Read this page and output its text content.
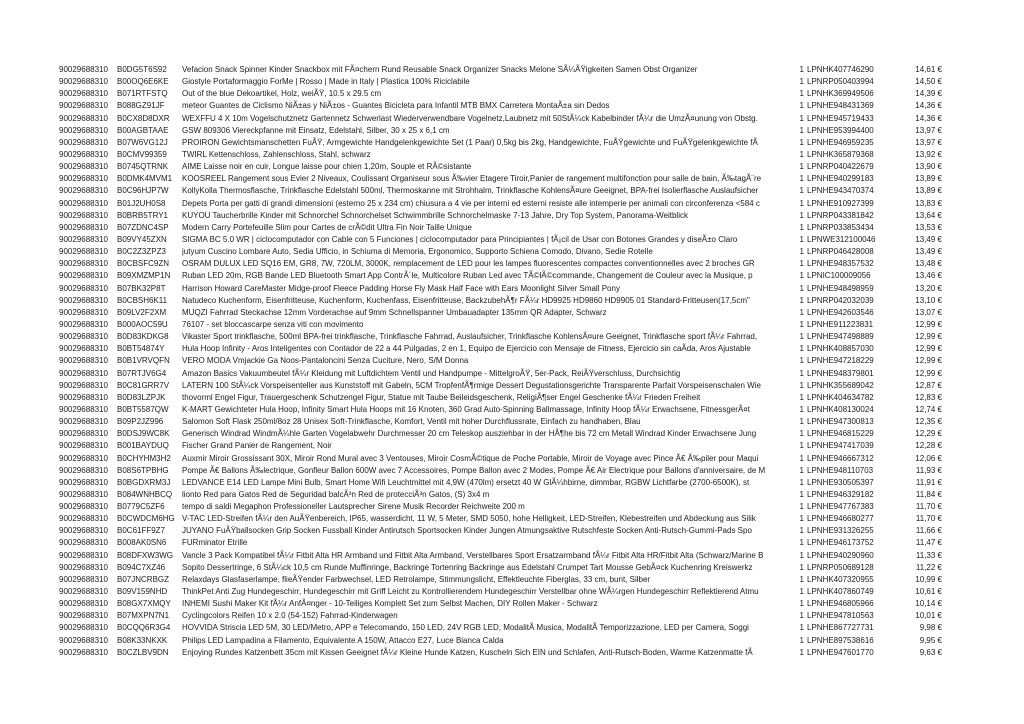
90029688310	B0DG5T6S92	Vefacion Snack Spinner Kinder Snackbox mit FÃ¤chern Rund Reusable Snack Organizer Snacks Melone SÃ¼ÃŸigkeiten Samen Obst Organizer	1 LPNHK407746290	14,61 €
90029688310	B00OQ6E6KE	Giostyle Portaformaggio ForMe | Rosso | Made in Italy | Plastica 100% Riciclabile	1 LPNRP050403994	14,50 €
90029688310	B071RTFSTQ	Out of the blue Dekoartikel, Holz, weiÃŸ, 10.5 x 29.5 cm	1 LPNHK369949506	14,39 €
90029688310	B088GZ91JF	meteor Guantes de Ciclismo NiÃ±as y NiÃ±os - Guantes Bicicleta para Infantil MTB BMX Carretera MontaÃ±a sin Dedos	1 LPNHE948431369	14,36 €
90029688310	B0CX8D8DXR	WEXFFU 4 X 10m Vogelschutznetz Gartennetz Schwerlast Wiederverwendbare Vogelnetz,Laubnetz mit 50StÃ¼ck Kabelbinder fÃ¼r die UmzÃ¤unung von Obstg.	1 LPNHE945719433	14,36 €
90029688310	B00AGBTAAE	GSW 809306 Viereckpfanne mit Einsatz, Edelstahl, Silber, 30 x 25 x 6,1 cm	1 LPNHE953994400	13,97 €
90029688310	B07W6VG12J	PROIRON Gewichtsmanschetten FuÃŸ, Armgewichte Handgelenkgewichte Set (1 Paar) 0,5kg bis 2kg, Handgewichte, FuÃŸgewichte und FuÃŸgelenkgewichte fÃ	1 LPNHE946959235	13,97 €
90029688310	B0CMV99359	TWIRL Kettenschloss, Zahlenschloss, Stahl, schwarz	1 LPNHK365879368	13,92 €
90029688310	B0745QTRNK	AIME Laisse noir en cuir, Longue laisse pour chien 1,20m, Souple et RÃ©sistante	1 LPNRP040422679	13,90 €
90029688310	B0DMK4MVM1	KOOSREEL Rangement sous Evier 2 Niveaux, Coulissant Organiseur sous Ã‰vier Etagere Tiroir,Panier de rangement multifonction pour salle de bain, Ã‰tagÃ¨re	1 LPNHE940299183	13,89 €
90029688310	B0C96HJP7W	KollyKolla Thermosflasche, Trinkflasche Edelstahl 500ml, Thermoskanne mit Strohhalm, Trinkflasche KohlensÃ¤ure Geeignet, BPA-frei Isolierflasche Auslaufsicher	1 LPNHE943470374	13,89 €
90029688310	B01J2UH0S8	Depets Porta per gatti di grandi dimensioni (esterno 25 x 234 cm) chiusura a 4 vie per interni ed esterni resiste alle intemperie per animali con circonferenza <584 c	1 LPNHE910927399	13,83 €
90029688310	B0BRB5TRY1	KUYOU Taucherbrille Kinder mit Schnorchel Schnorchelset Schwimmbrille Schnorchelmaske 7-13 Jahre, Dry Top System, Panorama-Weitblick	1 LPNRP043381842	13,64 €
90029688310	B07ZDNC4SP	Modern Carry Portefeuille Slim pour Cartes de crÃ©dit Ultra Fin Noir Taille Unique	1 LPNRP033853434	13,53 €
90029688310	B09VY45ZXN	SIGMA BC 5.0 WR | ciclocomputador con Cable con 5 Funciones | ciclocomputador para Principiantes | fÃ¡cil de Usar con Botones Grandes y diseÃ±o Claro	1 LPNWE312100046	13,49 €
90029688310	B0C2Z3ZPZ3	jutyum Cuscino Lombare Auto, Sedia Ufficio, in Schiuma di Memoria, Ergonomico, Supporto Schiena Comodo, Divano, Sedie Rotelle	1 LPNRP046428008	13,49 €
90029688310	B0CBSFC9ZN	OSRAM DULUX LED SQ16 EM, GR8, 7W, 720LM, 3000K, remplacement de LED pour les lampes fluorescentes compactes conventionnelles avec 2 broches GR	1 LPNHE948357532	13,48 €
90029688310	B09XMZMP1N	Ruban LED 20m, RGB Bande LED Bluetooth Smart App ContrÃ´le, Multicolore Ruban Led avec TÃ©lÃ©commande, Changement de Couleur avec la Musique, p	1 LPNIC100009056	13,46 €
90029688310	B07BK32P8T	Harrison Howard CareMaster Midge-proof Fleece Padding Horse Fly Mask Half Face with Ears Moonlight Silver Small Pony	1 LPNHE948498959	13,20 €
90029688310	B0CBSH6K11	Natudeco Kuchenform, Eisenfritteuse, Kuchenform, Kuchenfass, Eisenfritteuse, BackzubehÃ¶r FÃ¼r HD9925 HD9860 HD9905 01 Standard-Fritteusen(17,5cm"	1 LPNRP042032039	13,10 €
90029688310	B09LV2F2XM	MUQZI Fahrrad Steckachse 12mm Vorderachse auf 9mm Schnellspanner Umbauadapter 135mm QR Adapter, Schwarz	1 LPNHE942603546	13,07 €
90029688310	B000AOC59U	76107 - set bloccascarpe senza viti con movimento	1 LPNHE911223831	12,99 €
90029688310	B0D83KDKG8	Vikaster Sport trinkflasche, 500ml BPA-frei trinkflasche, Trinkflasche Fahrrad, Auslaufsicher, Trinkflasche KohlensÃ¤ure Geeignet, Trinkflasche sport fÃ¼r Fahrrad,	1 LPNHE947498889	12,99 €
90029688310	B0BT54874Y	Hula Hoop Infinity - Aros Inteligentes con Contador de 22 a 44 Pulgadas, 2 en 1, Equipo de Ejercicio con Mensaje de Fitness, Ejercicio sin caÃda, Aros Ajustable	1 LPNHK408857030	12,99 €
90029688310	B0B1VRVQFN	VERO MODA Vmjackie Ga Noos-Pantaloncini Senza Cuciture, Nero, S/M Donna	1 LPNHE947218229	12,99 €
90029688310	B07RTJV6G4	Amazon Basics Vakuumbeutel fÃ¼r Kleidung mit Luftdichtem Ventil und Handpumpe - MittelgroÃŸ, 5er-Pack, ReiÃŸverschluss, Durchsichtig	1 LPNHE948379801	12,99 €
90029688310	B0C81GRR7V	LATERN 100 StÃ¼ck Vorspeisenteller aus Kunststoff mit Gabeln, 5CM TropfenfÃ¶rmige Dessert Degustationsgerichte Transparente Parfait Vorspeisenschalen Wie	1 LPNHK355689042	12,87 €
90029688310	B0D83LZPJK	thovorml Engel Figur, Trauergeschenk Schutzengel Figur, Statue mit Taube Beileidsgeschenk, ReligiÃ¶ser Engel Geschenke fÃ¼r Frieden Freiheit	1 LPNHK404634782	12,83 €
90029688310	B0BT5587QW	K-MART Gewichteter Hula Hoop, Infinity Smart Hula Hoops mit 16 Knoten, 360 Grad Auto-Spinning Ballmassage, Infinity Hoop fÃ¼r Erwachsene, FitnessgerÃ¤t	1 LPNHK408130024	12,74 €
90029688310	B09P2JZ996	Salomon Soft Flask 250ml/8oz 28 Unisex Soft-Trinkflasche, Komfort, Ventil mit hoher Durchflussrate, Einfach zu handhaben, Blau	1 LPNHE947300813	12,35 €
90029688310	B0DSJ9WC8K	Generisch Windrad WindmÃ¼hle Garten Vogelabwehr Durchmesser 20 cm Teleskop ausziehbar in der HÃ¶he bis 72 cm Metall Windrad Kinder Erwachsene Jung	1 LPNHE946815229	12,29 €
90029688310	B001BAYDUQ	Fischer Grand Panier de Rangement, Noir	1 LPNHE947417039	12,28 €
90029688310	B0CHYHM3H2	Auxmir Miroir Grossissant 30X, Miroir Rond Mural avec 3 Ventouses, Miroir CosmÃ©tique de Poche Portable, Miroir de Voyage avec Pince Ã€ Ã‰piler pour Maqui	1 LPNHE946667312	12,06 €
90029688310	B08S6TPBHG	Pompe Ã€ Ballons Ã‰lectrique, Gonfleur Ballon 600W avec 7 Accessoires, Pompe Ballon avec 2 Modes, Pompe Ã€ Air Electrique pour Ballons d'anniversaire, de M	1 LPNHE948110703	11,93 €
90029688310	B0BGDXRM3J	LEDVANCE E14 LED Lampe Mini Bulb, Smart Home Wifi Leuchtmittel mit 4,9W (470lm) ersetzt 40 W GlÃ¼hbirne, dimmbar, RGBW Lichtfarbe (2700-6500K), st	1 LPNHE930505397	11,91 €
90029688310	B084WNHBCQ	lionto Red para Gatos Red de Seguridad balcÃ³n Red de protecciÃ³n Gatos, (S) 3x4 m	1 LPNHE946329182	11,84 €
90029688310	B0779C5ZF6	tempo di saldi Megaphon Professioneller Lautsprecher Sirene Musik Recorder Reichweite 200 m	1 LPNHE947767383	11,70 €
90029688310	B0CWDCM6HG V-TAC LED-Streifen fÃ¼r den AuÃŸenbereich, IP65, wasserdicht, 11 W, 5 Meter, SMD 5050, hohe Helligkeit, LED-Streifen, Klebestreifen und Abdeckung aus Silik	1 LPNHE946680277	11,70 €
90029688310	B0C61FF9Z7	JUYANO FuÃŸballsocken Grip Socken Fussball Kinder Antirutsch Sportsocken Kinder Jungen Atmungsaktive Rutschfeste Socken Anti-Rutsch-Gummi-Pads Spo	1 LPNHE931326255	11,66 €
90029688310	B008AK0SN6	FURminator Etrille	1 LPNHE946173752	11,47 €
90029688310	B08DFXW3WG	Vancle 3 Pack Kompatibel fÃ¼r Fitbit Alta HR Armband und Fitbit Alta Armband, Verstellbares Sport Ersatzarmband fÃ¼r Fitbit Alta HR/Fitbit Alta (Schwarz/Marine B	1 LPNHE940290960	11,33 €
90029688310	B094C7XZ46	Sopito Dessertringe, 6 StÃ¼ck 10,5 cm Runde Muffinringe, Backringe Tortenring Backringe aus Edelstahl Crumpet Tart Mousse GebÃ¤ck Kuchenring Kreiswerkz	1 LPNRP050689128	11,22 €
90029688310	B07JNCRBGZ	Relaxdays Glasfaserlampe, flieÃŸender Farbwechsel, LED Retrolampe, Stimmungslicht, Effektleuchte Fiberglas, 33 cm, bunt, Silber	1 LPNHK407320955	10,99 €
90029688310	B09V159NHD	ThinkPet Anti Zug Hundegeschirr, Hundegeschirr mit Griff Leicht zu Kontrollierendem Hundegeschirr Verstellbar ohne WÃ¼rgen Hundegeschirr Reflektierend Atmu	1 LPNHK407860749	10,61 €
90029688310	B08GX7XMQY	INHEMI Sushi Maker Kit fÃ¼r AnfÃ¤nger - 10-Teiliges Komplett Set zum Selbst Machen, DIY Rollen Maker - Schwarz	1 LPNHE946805966	10,14 €
90029688310	B07MXPN7N1	Cyclingcolors Reifen 10 x 2.0 (54-152) Fahrrad-Kinderwagen	1 LPNHE947810563	10,01 €
90029688310	B0CQQ6R3G4	HOVVIDA Striscia LED 5M, 30 LED/Metro, APP e Telecomando, 150 LED, 24V RGB LED, ModalitÃ Musica, ModalitÃ Temporizzazione, LED per Camera, Soggi	1 LPNHE867727731	9,98 €
90029688310	B08K33NKXK	Philips LED Lampadina a Filamento, Equivalente A 150W, Attacco E27, Luce Bianca Calda	1 LPNHE897538616	9,95 €
90029688310	B0CZLBV9DN	Enjoying Rundes Katzenbett 35cm mit Kissen Geeignet fÃ¼r Kleine Hunde Katzen, Kuscheln Sich EIN und Schlafen, Anti-Rutsch-Boden, Warme Katzenmatte fÃ	1 LPNHE947601770	9,63 €
